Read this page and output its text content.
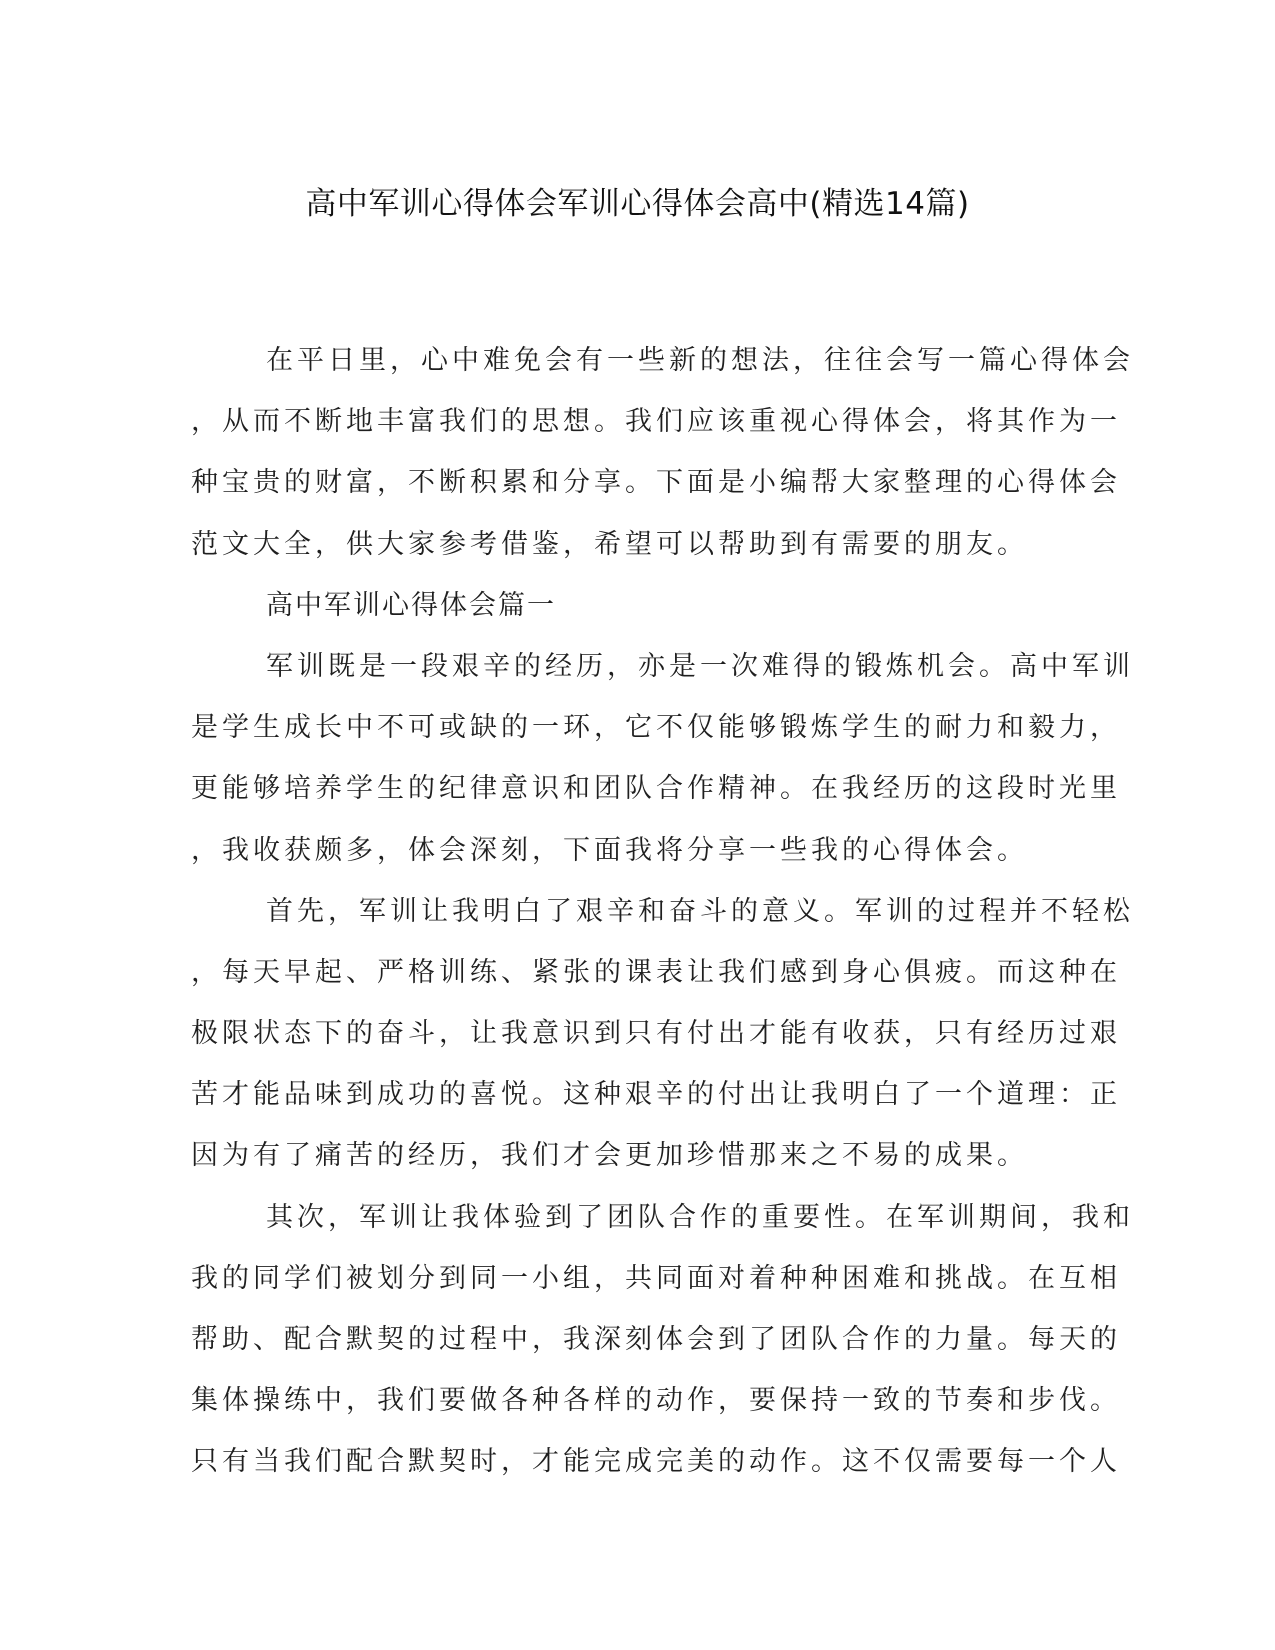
高中军训心得体会军训心得体会高中(精选14篇)
在平日里，心中难免会有一些新的想法，往往会写一篇心得体会
，从而不断地丰富我们的思想。我们应该重视心得体会，将其作为一
种宝贵的财富，不断积累和分享。下面是小编帮大家整理的心得体会
范文大全，供大家参考借鉴，希望可以帮助到有需要的朋友。
高中军训心得体会篇一
军训既是一段艰辛的经历，亦是一次难得的锻炼机会。高中军训
是学生成长中不可或缺的一环，它不仅能够锻炼学生的耐力和毅力，
更能够培养学生的纪律意识和团队合作精神。在我经历的这段时光里
，我收获颇多，体会深刻，下面我将分享一些我的心得体会。
首先，军训让我明白了艰辛和奋斗的意义。军训的过程并不轻松
，每天早起、严格训练、紧张的课表让我们感到身心俱疲。而这种在
极限状态下的奋斗，让我意识到只有付出才能有收获，只有经历过艰
苦才能品味到成功的喜悦。这种艰辛的付出让我明白了一个道理：正
因为有了痛苦的经历，我们才会更加珍惜那来之不易的成果。
其次，军训让我体验到了团队合作的重要性。在军训期间，我和
我的同学们被划分到同一小组，共同面对着种种困难和挑战。在互相
帮助、配合默契的过程中，我深刻体会到了团队合作的力量。每天的
集体操练中，我们要做各种各样的动作，要保持一致的节奏和步伐。
只有当我们配合默契时，才能完成完美的动作。这不仅需要每一个人
